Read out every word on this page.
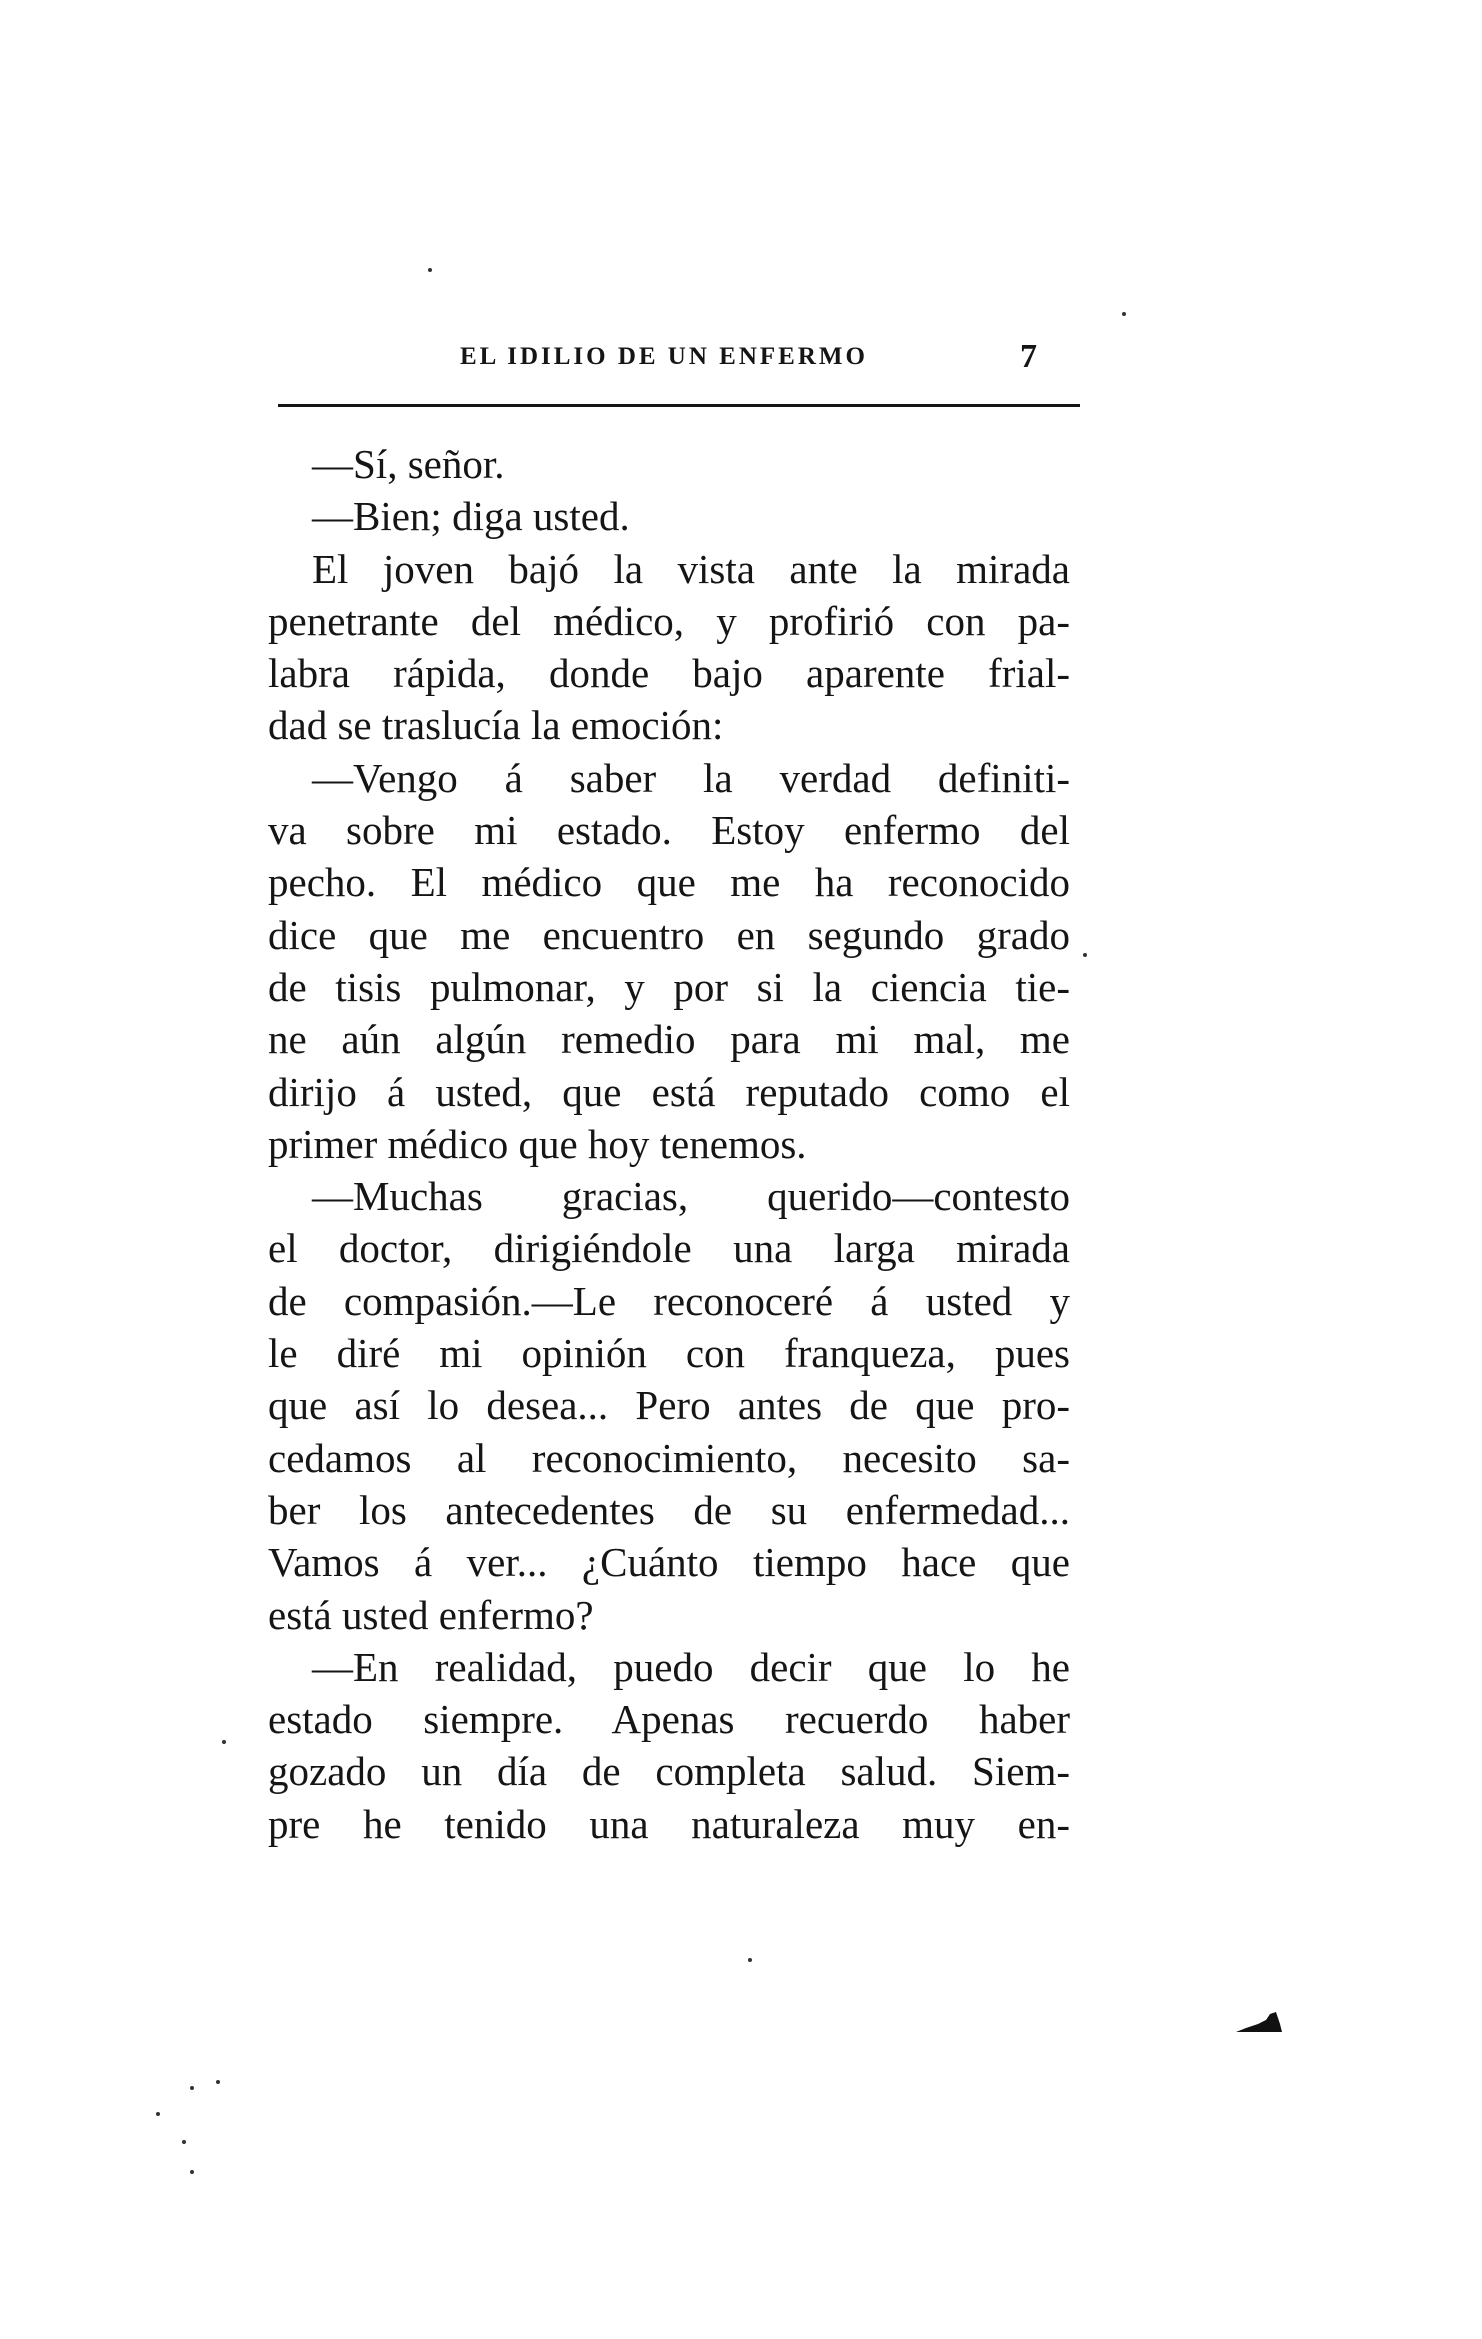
EL IDILIO DE UN ENFERMO	7
—Sí, señor.
—Bien; diga usted.
El joven bajó la vista ante la mirada
penetrante del médico, y profirió con pa-
labra rápida, donde bajo aparente frial-
dad se traslucía la emoción:
—Vengo á saber la verdad definiti-
va sobre mi estado. Estoy enfermo del
pecho. El médico que me ha reconocido
dice que me encuentro en segundo grado
de tisis pulmonar, y por si la ciencia tie-
ne aún algún remedio para mi mal, me
dirijo á usted, que está reputado como el
primer médico que hoy tenemos.
—Muchas gracias, querido—contesto
el doctor, dirigiéndole una larga mirada
de compasión.—Le reconoceré á usted y
le diré mi opinión con franqueza, pues
que así lo desea... Pero antes de que pro-
cedamos al reconocimiento, necesito sa-
ber los antecedentes de su enfermedad...
Vamos á ver... ¿Cuánto tiempo hace que
está usted enfermo?
—En realidad, puedo decir que lo he
estado siempre. Apenas recuerdo haber
gozado un día de completa salud. Siem-
pre he tenido una naturaleza muy en-
